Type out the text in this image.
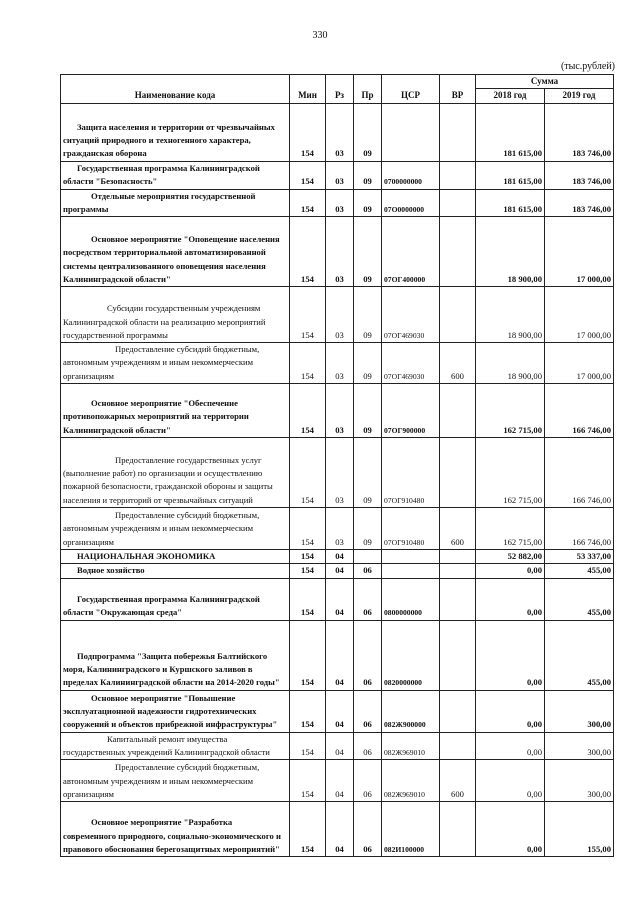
330
(тыс.рублей)
Наименование кода	Мин	Рз	Пр	ЦСР	ВР	Сумма	
						2018 год	2019 год
Защита населения и территории от чрезвычайных ситуаций природного и техногенного характера, гражданская оборона	154	03	09			181 615,00	183 746,00
Государственная программа Калининградской области "Безопасность"	154	03	09	0700000000		181 615,00	183 746,00
Отдельные мероприятия государственной программы	154	03	09	07О0000000		181 615,00	183 746,00
Основное мероприятие "Оповещение населения посредством территориальной автоматизированной системы централизованного оповещения населения Калининградской области"	154	03	09	07ОГ400000		18 900,00	17 000,00
Субсидии государственным учреждениям Калининградской области на реализацию мероприятий государственной программы	154	03	09	07ОГ469030		18 900,00	17 000,00
Предоставление субсидий бюджетным, автономным учреждениям и иным некоммерческим организациям	154	03	09	07ОГ469030	600	18 900,00	17 000,00
Основное мероприятие "Обеспечение противопожарных мероприятий на территории Калининградской области"	154	03	09	07ОГ900000		162 715,00	166 746,00
Предоставление государственных услуг (выполнение работ) по организации и осуществлению пожарной безопасности, гражданской обороны и защиты населения и территорий от чрезвычайных ситуаций	154	03	09	07ОГ910480		162 715,00	166 746,00
Предоставление субсидий бюджетным, автономным учреждениям и иным некоммерческим организациям	154	03	09	07ОГ910480	600	162 715,00	166 746,00
НАЦИОНАЛЬНАЯ ЭКОНОМИКА	154	04				52 882,00	53 337,00
Водное хозяйство	154	04	06			0,00	455,00
Государственная программа Калининградской области "Окружающая среда"	154	04	06	0800000000		0,00	455,00
Подпрограмма "Защита побережья Балтийского моря, Калининградского и Куршского заливов в пределах Калининградской области на 2014-2020 годы"	154	04	06	0820000000		0,00	455,00
Основное мероприятие "Повышение эксплуатационной надежности гидротехнических сооружений и объектов прибрежной инфраструктуры"	154	04	06	082Ж900000		0,00	300,00
Капитальный ремонт имущества государственных учреждений Калининградской области	154	04	06	082Ж969010		0,00	300,00
Предоставление субсидий бюджетным, автономным учреждениям и иным некоммерческим организациям	154	04	06	082Ж969010	600	0,00	300,00
Основное мероприятие "Разработка современного природного, социально-экономического и правового обоснования берегозащитных мероприятий"	154	04	06	082И100000		0,00	155,00
